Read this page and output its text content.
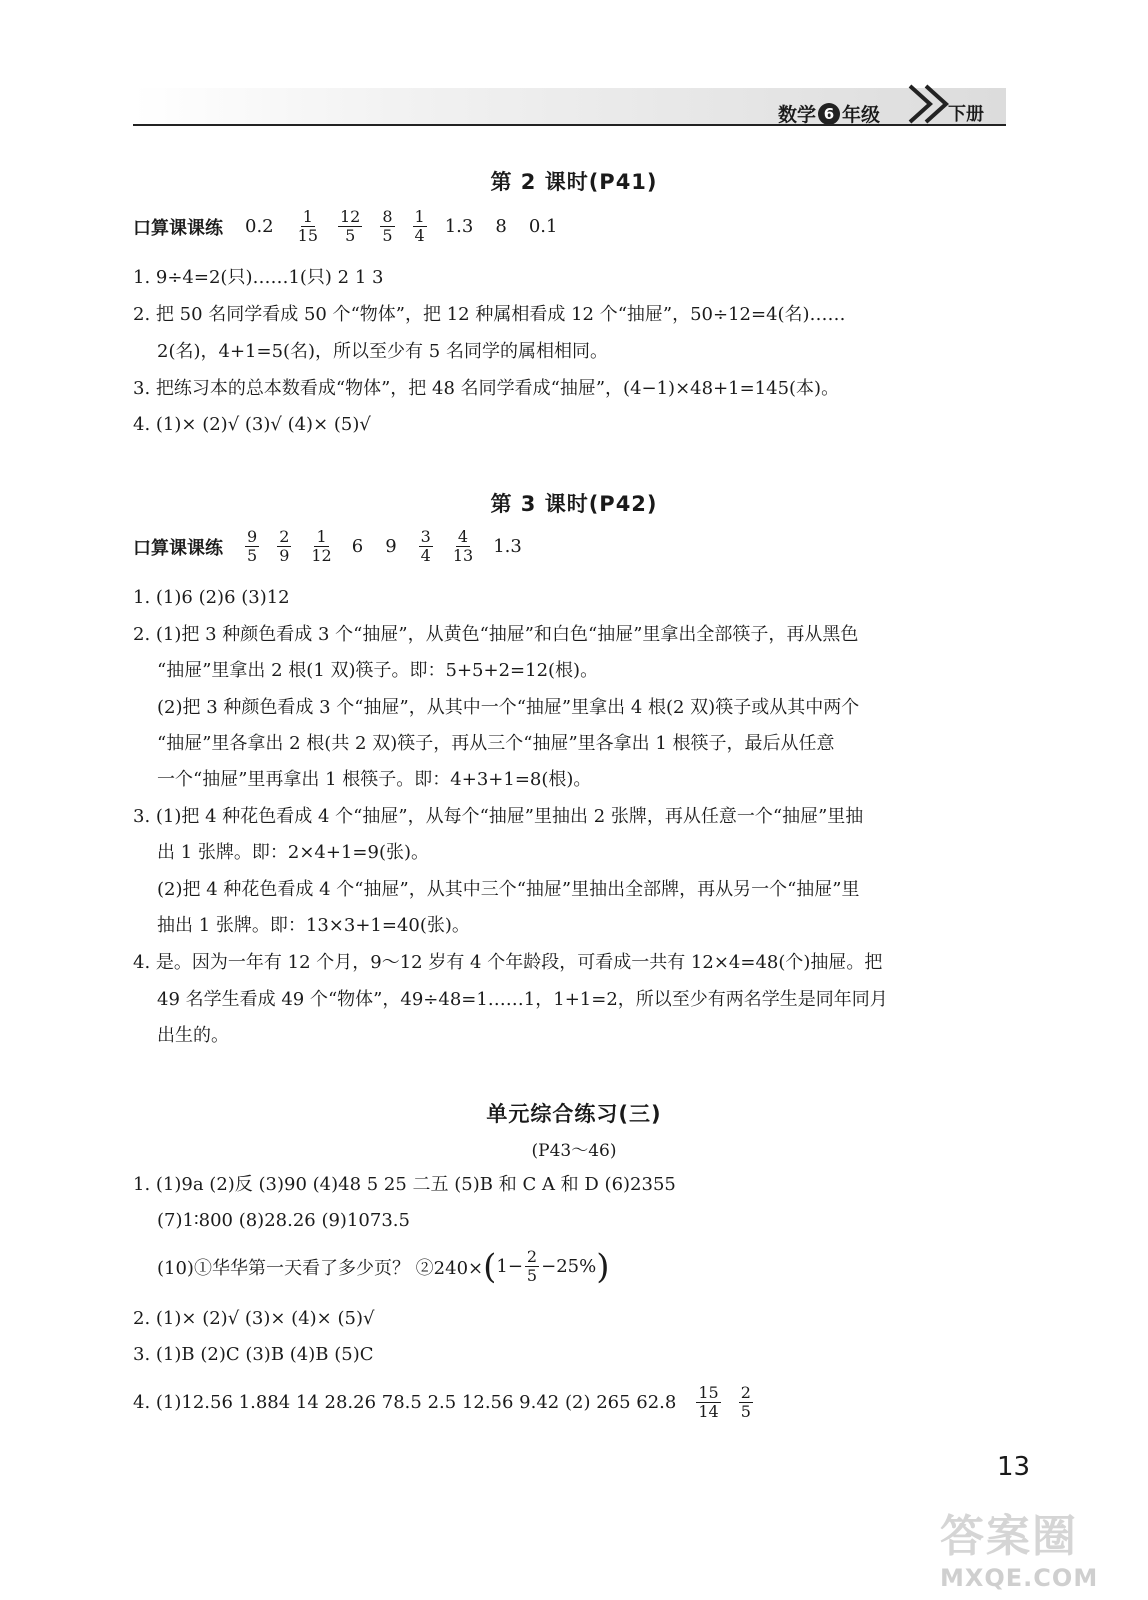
数学 6 年级	下册
第 2 课时(P41)
口算课课练 $0.2 \frac{1}{15} \frac{12}{5} \frac{8}{5} \frac{1}{4} 1.3$ 8 0.1
1. 9÷4=2(只)……1(只) 2 1 3
2. 把 50 名同学看成 50 个“物体”，把 12 种属相看成 12 个“抽屉”，50÷12=4(名)……
2(名)，4+1=5(名)，所以至少有 5 名同学的属相相同。
3. 把练习本的总本数看成“物体”，把 48 名同学看成“抽屉”，(4−1)×48+1=145(本)。
4. (1)× (2)√ (3)√ (4)× (5)√
第 3 课时(P42)
口算课课练 $\frac{9}{5} \frac{2}{9} \frac{1}{12} 6$ $9 \frac{3}{4} \frac{4}{13} 1.3$
1. (1)6 (2)6 (3)12
2. (1)把 3 种颜色看成 3 个“抽屉”，从黄色“抽屉”和白色“抽屉”里拿出全部筷子，再从黑色
“抽屉”里拿出 2 根(1 双)筷子。即：5+5+2=12(根)。
(2)把 3 种颜色看成 3 个“抽屉”，从其中一个“抽屉”里拿出 4 根(2 双)筷子或从其中两个
“抽屉”里各拿出 2 根(共 2 双)筷子，再从三个“抽屉”里各拿出 1 根筷子，最后从任意
一个“抽屉”里再拿出 1 根筷子。即：4+3+1=8(根)。
3. (1)把 4 种花色看成 4 个“抽屉”，从每个“抽屉”里抽出 2 张牌，再从任意一个“抽屉”里抽
出 1 张牌。即：2×4+1=9(张)。
(2)把 4 种花色看成 4 个“抽屉”，从其中三个“抽屉”里抽出全部牌，再从另一个“抽屉”里
抽出 1 张牌。即：13×3+1=40(张)。
4. 是。因为一年有 12 个月，9～12 岁有 4 个年龄段，可看成一共有 12×4=48(个)抽屉。把
49 名学生看成 49 个“物体”，49÷48=1……1，1+1=2，所以至少有两名学生是同年同月
出生的。
单元综合练习(三)
(P43～46)
1. (1)9a (2)反 (3)90 (4)48 5 25 二五 (5)B 和 C A 和 D (6)2355
(7)1∶800 (8)28.26 (9)1073.5
(10)①华华第一天看了多少页？ ②240× ( $1- \frac{2}{5} -25\%$ )
2. (1)× (2)√ (3)× (4)× (5)√
3. (1)B (2)C (3)B (4)B (5)C
4. (1)12.56 1.884 14 28.26 78.5 2.5 12.56 9.42 (2) 265 $62.8 \frac{15}{14} \frac{2}{5}$
13
答案圈
MXQE.COM
